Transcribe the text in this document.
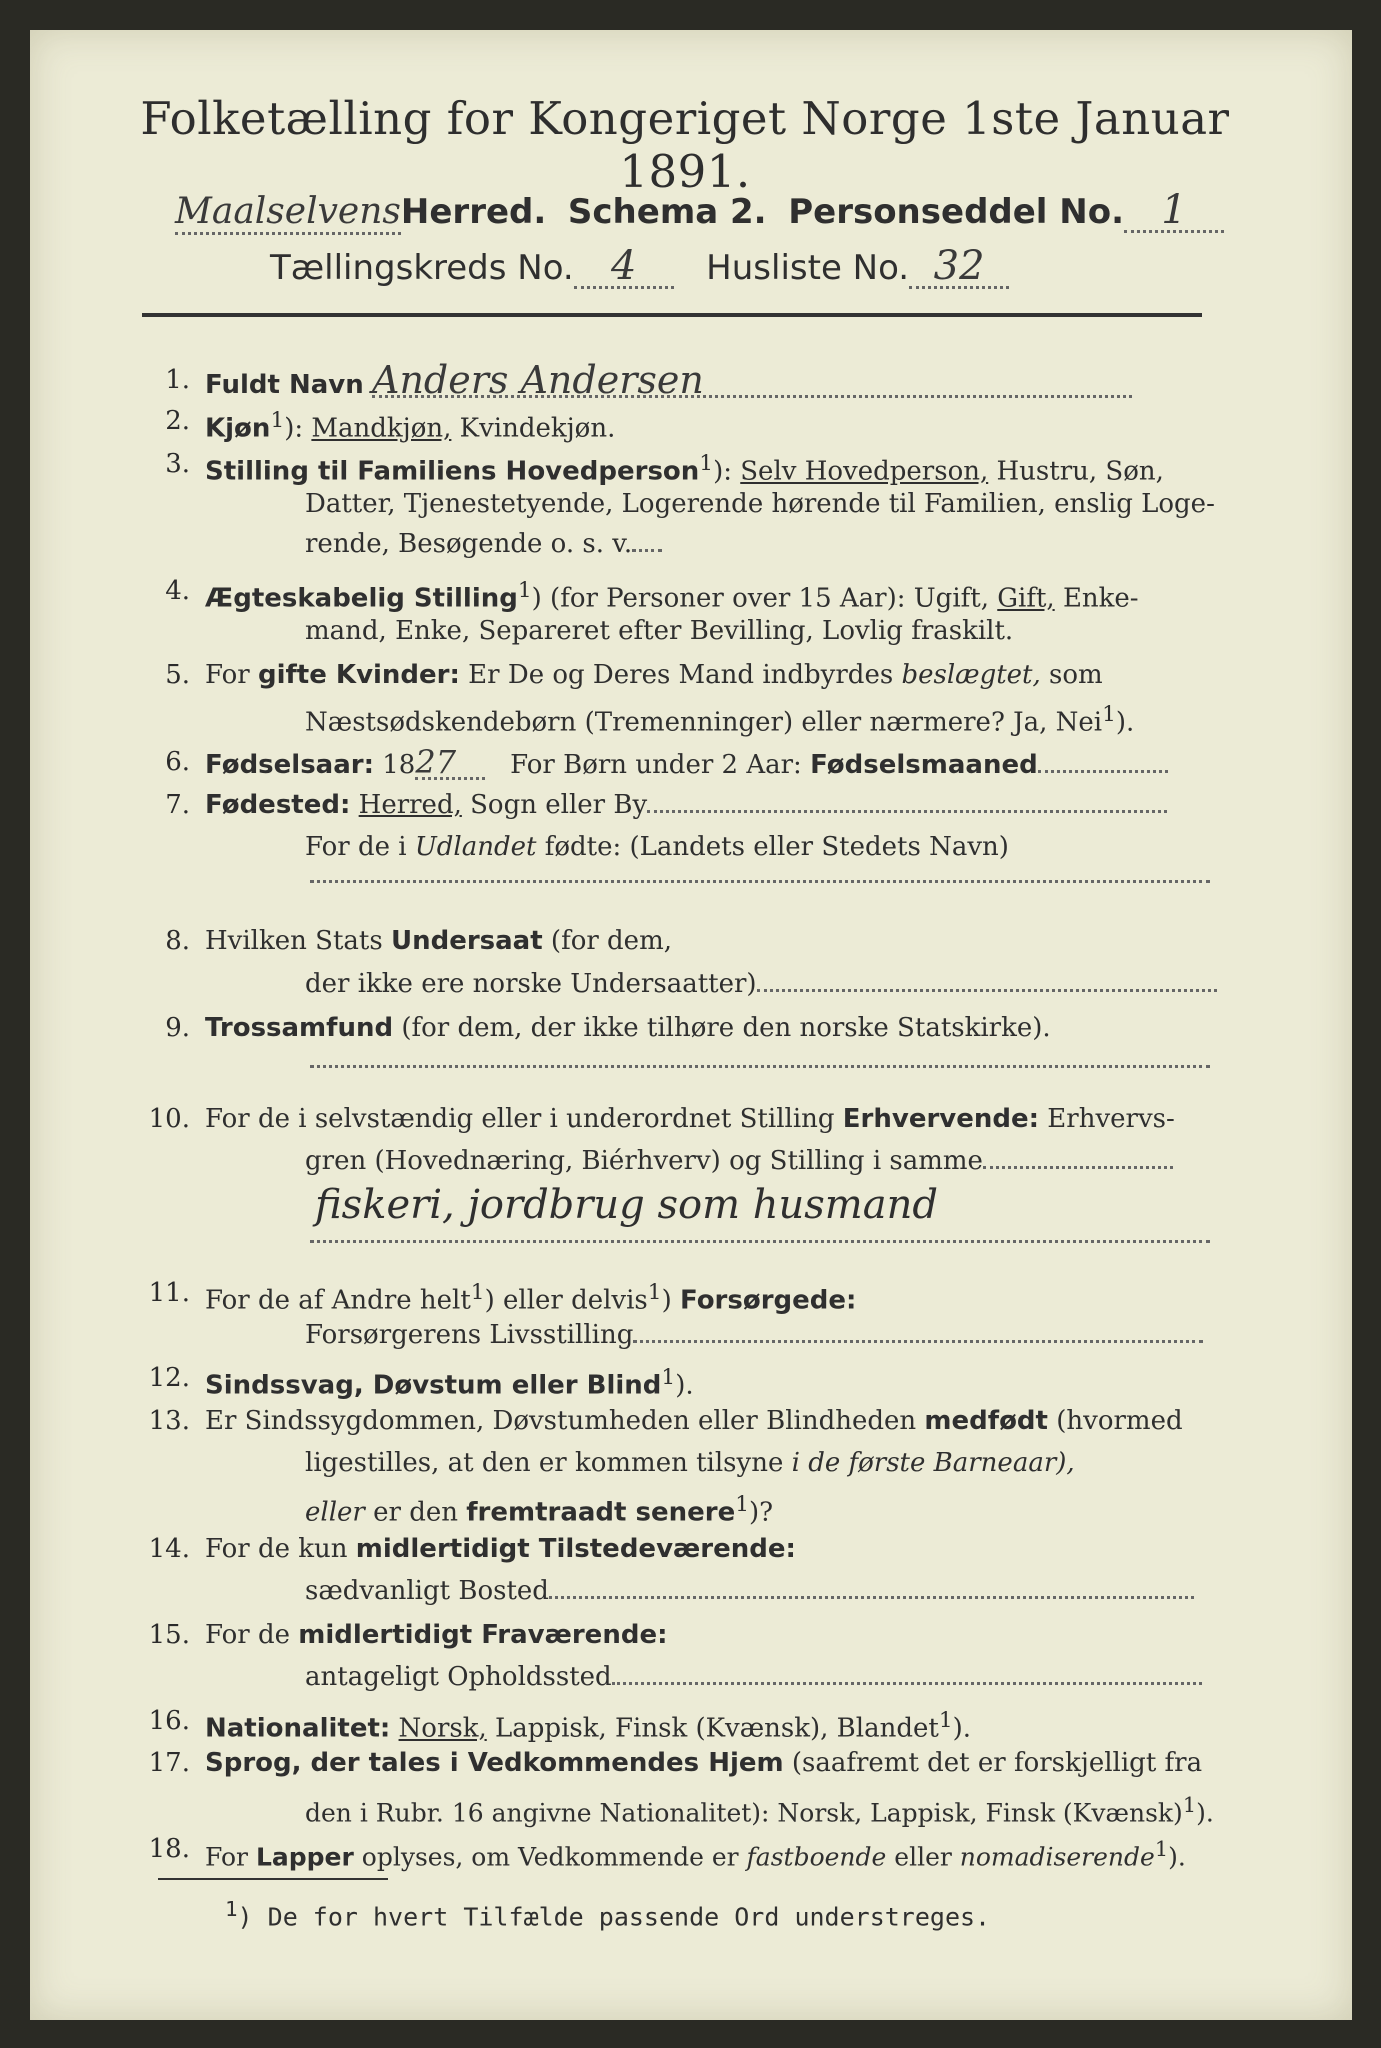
Folketælling for Kongeriget Norge 1ste Januar 1891.
MaalselvensHerred. Schema 2. Personseddel No. 1
Tællingskreds No. 4 Husliste No. 32
1. Fuldt Navn Anders Andersen
2. Kjøn$^1$): Mandkjøn, Kvindekjøn.
3. Stilling til Familiens Hovedperson$^1$): Selv Hovedperson, Hustru, Søn,
Datter, Tjenestetyende, Logerende hørende til Familien, enslig Loge-
rende, Besøgende o. s. v.
4. Ægteskabelig Stilling$^1$) (for Personer over 15 Aar): Ugift, Gift, Enke-
mand, Enke, Separeret efter Bevilling, Lovlig fraskilt.
5. For gifte Kvinder: Er De og Deres Mand indbyrdes beslægtet, som
Næstsødskendebørn (Tremenninger) eller nærmere? Ja, Nei$^1$).
6. Fødselsaar: 1827 For Børn under 2 Aar: Fødselsmaaned
7. Fødested: Herred, Sogn eller By
For de i Udlandet fødte: (Landets eller Stedets Navn)
8. Hvilken Stats Undersaat (for dem,
der ikke ere norske Undersaatter)
9. Trossamfund (for dem, der ikke tilhøre den norske Statskirke).
10. For de i selvstændig eller i underordnet Stilling Erhvervende: Erhvervs-
gren (Hovednæring, Biérhverv) og Stilling i samme
fiskeri, jordbrug som husmand
11. For de af Andre helt$^1$) eller delvis$^1$) Forsørgede:
Forsørgerens Livsstilling
12. Sindssvag, Døvstum eller Blind$^1$).
13. Er Sindssygdommen, Døvstumheden eller Blindheden medfødt (hvormed
ligestilles, at den er kommen tilsyne i de første Barneaar),
eller er den fremtraadt senere$^1$)?
14. For de kun midlertidigt Tilstedeværende:
sædvanligt Bosted
15. For de midlertidigt Fraværende:
antageligt Opholdssted
16. Nationalitet: Norsk, Lappisk, Finsk (Kvænsk), Blandet$^1$).
17. Sprog, der tales i Vedkommendes Hjem (saafremt det er forskjelligt fra
den i Rubr. 16 angivne Nationalitet): Norsk, Lappisk, Finsk (Kvænsk)$^1$).
18. For Lapper oplyses, om Vedkommende er fastboende eller nomadiserende$^1$).
$^1$) De for hvert Tilfælde passende Ord understreges.
